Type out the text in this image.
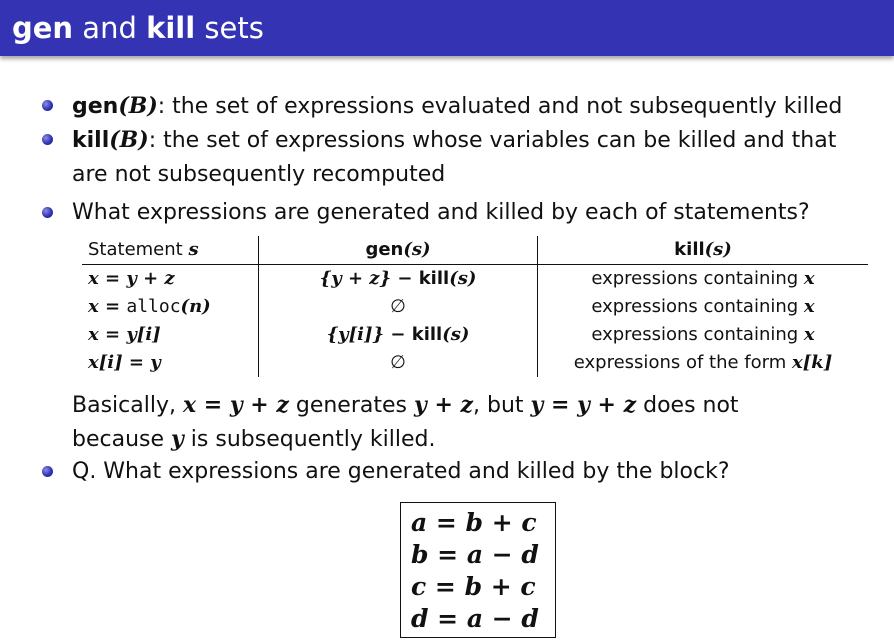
gen and kill sets
gen(B): the set of expressions evaluated and not subsequently killed
kill(B): the set of expressions whose variables can be killed and that
are not subsequently recomputed
What expressions are generated and killed by each of statements?
Statement s	gen(s)	kill(s)
x = y + z	{y + z} − kill(s)	expressions containing x
x = alloc(n)	∅	expressions containing x
x = y[i]	{y[i]} − kill(s)	expressions containing x
x[i] = y	∅	expressions of the form x[k]
Basically, x = y + z generates y + z, but y = y + z does not
because y is subsequently killed.
Q. What expressions are generated and killed by the block?
a = b + c
b = a − d
c = b + c
d = a − d
